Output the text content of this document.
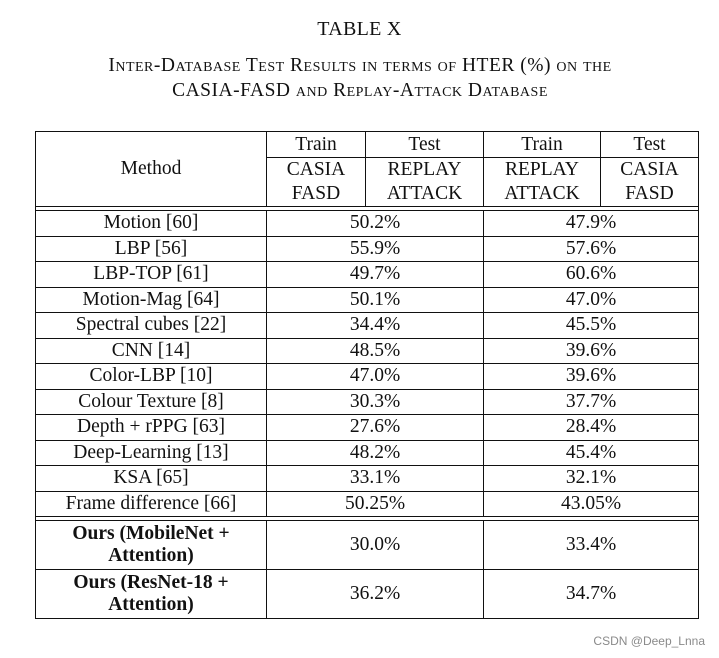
TABLE X
Inter-Database Test Results in terms of HTER (%) on the
CASIA-FASD and Replay-Attack Database
Method	Train	Test	Train	Test
	CASIA	REPLAY	REPLAY	CASIA
	FASD	ATTACK	ATTACK	FASD

Motion [60]	50.2%		47.9%	
LBP [56]	55.9%		57.6%	
LBP-TOP [61]	49.7%		60.6%	
Motion-Mag [64]	50.1%		47.0%	
Spectral cubes [22]	34.4%		45.5%	
CNN [14]	48.5%		39.6%	
Color-LBP [10]	47.0%		39.6%	
Colour Texture [8]	30.3%		37.7%	
Depth + rPPG [63]	27.6%		28.4%	
Deep-Learning [13]	48.2%		45.4%	
KSA [65]	33.1%		32.1%	
Frame difference [66]	50.25%		43.05%	

Ours (MobileNet +
Attention)	30.0%		33.4%	

Ours (ResNet-18 +
Attention)	36.2%		34.7%	
CSDN @Deep_Lnna
